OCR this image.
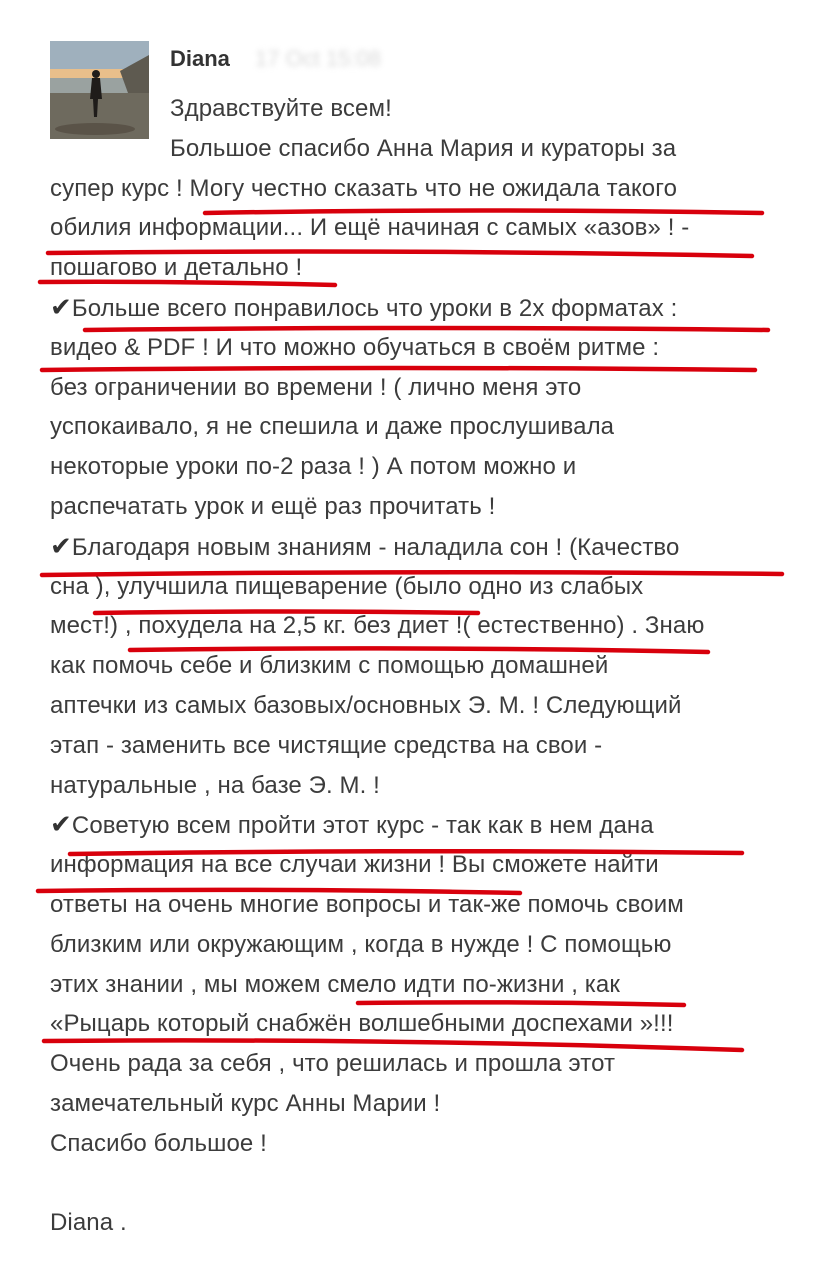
Diana 17 Oct 15:08
Здравствуйте всем!
Большое спасибо Анна Мария и кураторы за
супер курс ! Могу честно сказать что не ожидала такого
обилия информации... И ещё начиная с самых «азов» ! -
пошагово и детально !
✔Больше всего понравилось что уроки в 2х форматах :
видео & PDF ! И что можно обучаться в своём ритме :
без ограничении во времени ! ( лично меня это
успокаивало, я не спешила и даже прослушивала
некоторые уроки по-2 раза ! ) А потом можно и
распечатать урок и ещё раз прочитать !
✔Благодаря новым знаниям - наладила сон ! (Качество
сна ), улучшила пищеварение (было одно из слабых
мест!) , похудела на 2,5 кг. без диет !( естественно) . Знаю
как помочь себе и близким с помощью домашней
аптечки из самых базовых/основных Э. М. ! Следующий
этап - заменить все чистящие средства на свои -
натуральные , на базе Э. М. !
✔Советую всем пройти этот курс - так как в нем дана
информация на все случаи жизни ! Вы сможете найти
ответы на очень многие вопросы и так-же помочь своим
близким или окружающим , когда в нужде ! С помощью
этих знании , мы можем смело идти по-жизни , как
«Рыцарь который снабжён волшебными доспехами »!!!
Очень рада за себя , что решилась и прошла этот
замечательный курс Анны Марии !
Спасибо большое !
Diana .
